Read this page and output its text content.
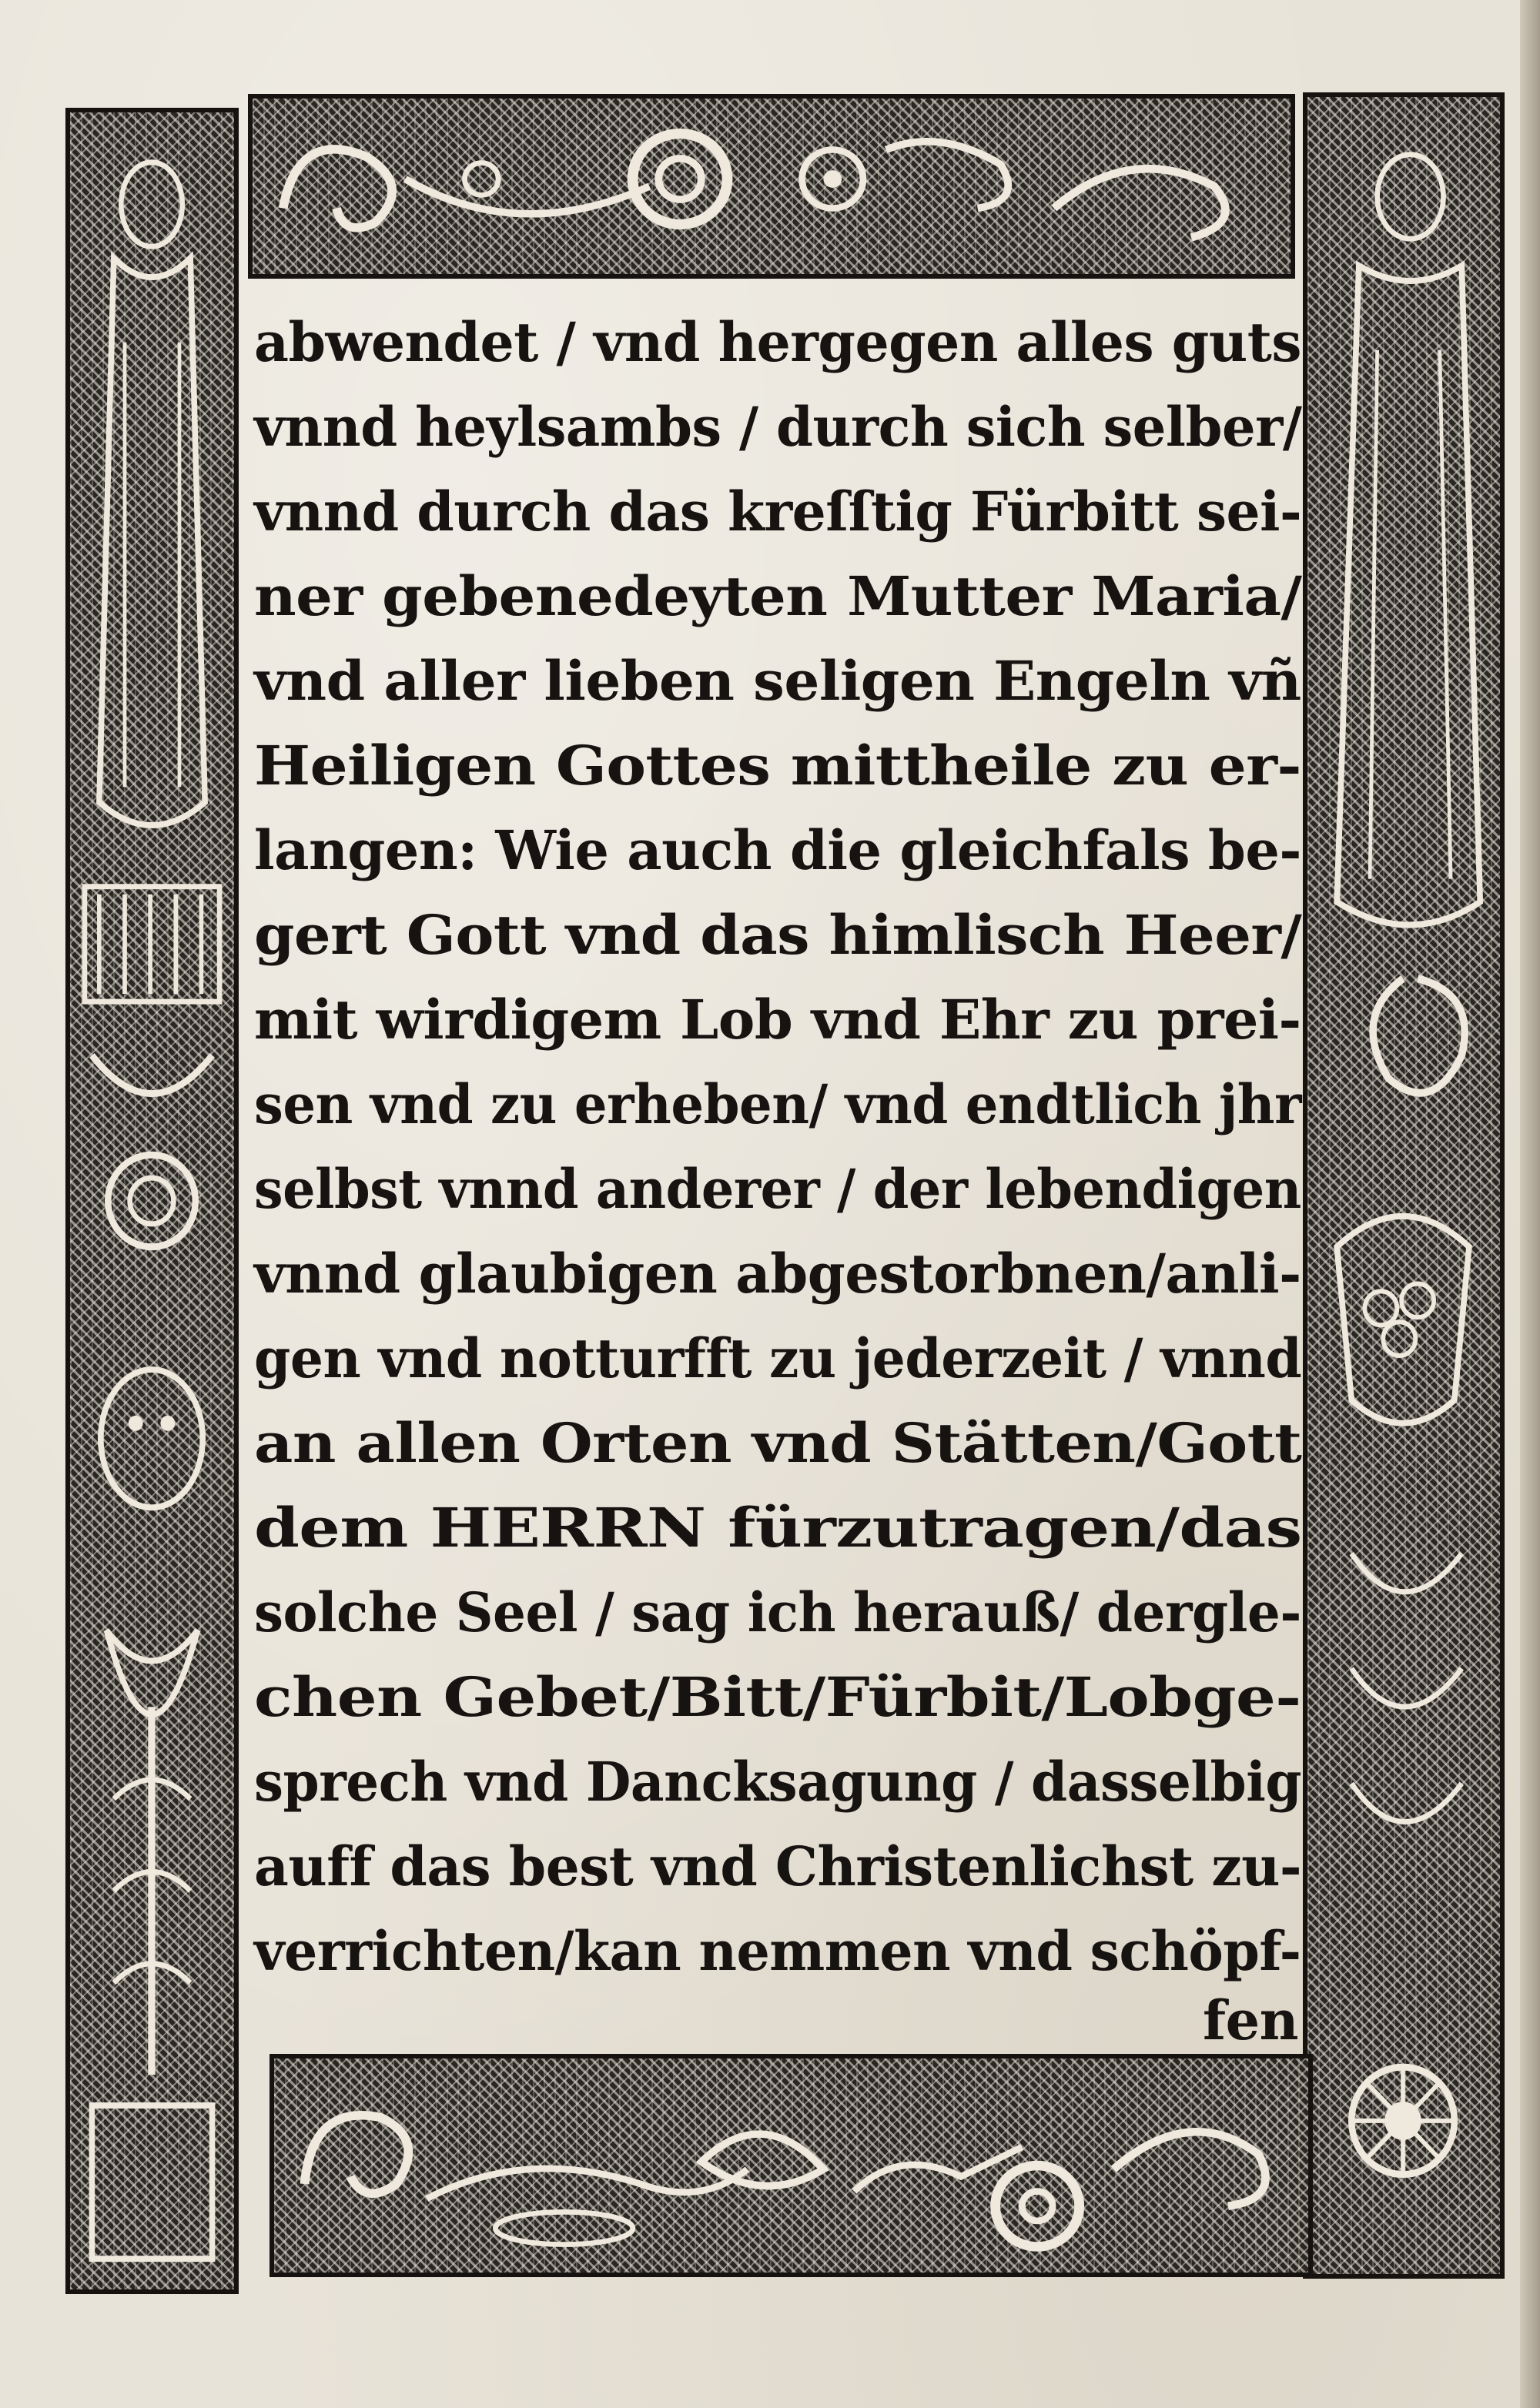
abwendet / vnd hergegen alles guts
vnnd heylsambs / durch sich selber/
vnnd durch das kreſſtig Fürbitt sei-
ner gebenedeyten Mutter Maria/
vnd aller lieben seligen Engeln vñ
Heiligen Gottes mittheile zu er-
langen: Wie auch die gleichfals be-
gert Gott vnd das himlisch Heer/
mit wirdigem Lob vnd Ehr zu prei-
sen vnd zu erheben/ vnd endtlich jhr
selbst vnnd anderer / der lebendigen
vnnd glaubigen abgestorbnen/anli-
gen vnd notturfft zu jederzeit / vnnd
an allen Orten vnd Stätten/Gott
dem HERRN fürzutragen/das
solche Seel / sag ich herauß/ dergle-
chen Gebet/Bitt/Fürbit/Lobge-
sprech vnd Dancksagung / dasselbig
auff das best vnd Christenlichst zu-
verrichten/kan nemmen vnd schöpf-
fen
